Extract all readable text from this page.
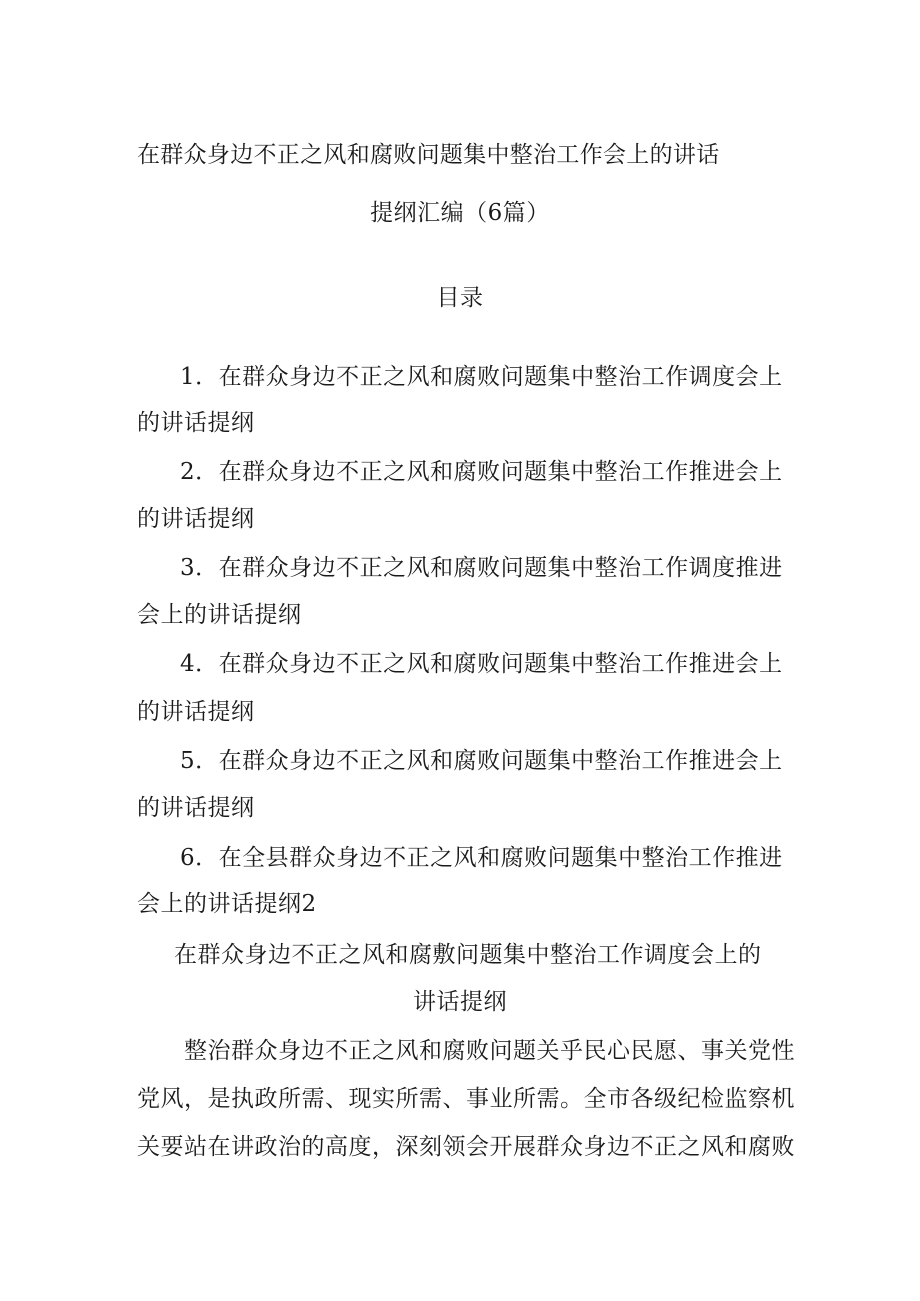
在群众身边不正之风和腐败问题集中整治工作会上的讲话
提纲汇编（6篇）
目录
1．在群众身边不正之风和腐败问题集中整治工作调度会上
的讲话提纲
2．在群众身边不正之风和腐败问题集中整治工作推进会上
的讲话提纲
3．在群众身边不正之风和腐败问题集中整治工作调度推进
会上的讲话提纲
4．在群众身边不正之风和腐败问题集中整治工作推进会上
的讲话提纲
5．在群众身边不正之风和腐败问题集中整治工作推进会上
的讲话提纲
6．在全县群众身边不正之风和腐败问题集中整治工作推进
会上的讲话提纲2
在群众身边不正之风和腐敷问题集中整治工作调度会上的
讲话提纲
整治群众身边不正之风和腐败问题关乎民心民愿、事关党性
党风，是执政所需、现实所需、事业所需。全市各级纪检监察机
关要站在讲政治的高度，深刻领会开展群众身边不正之风和腐败
